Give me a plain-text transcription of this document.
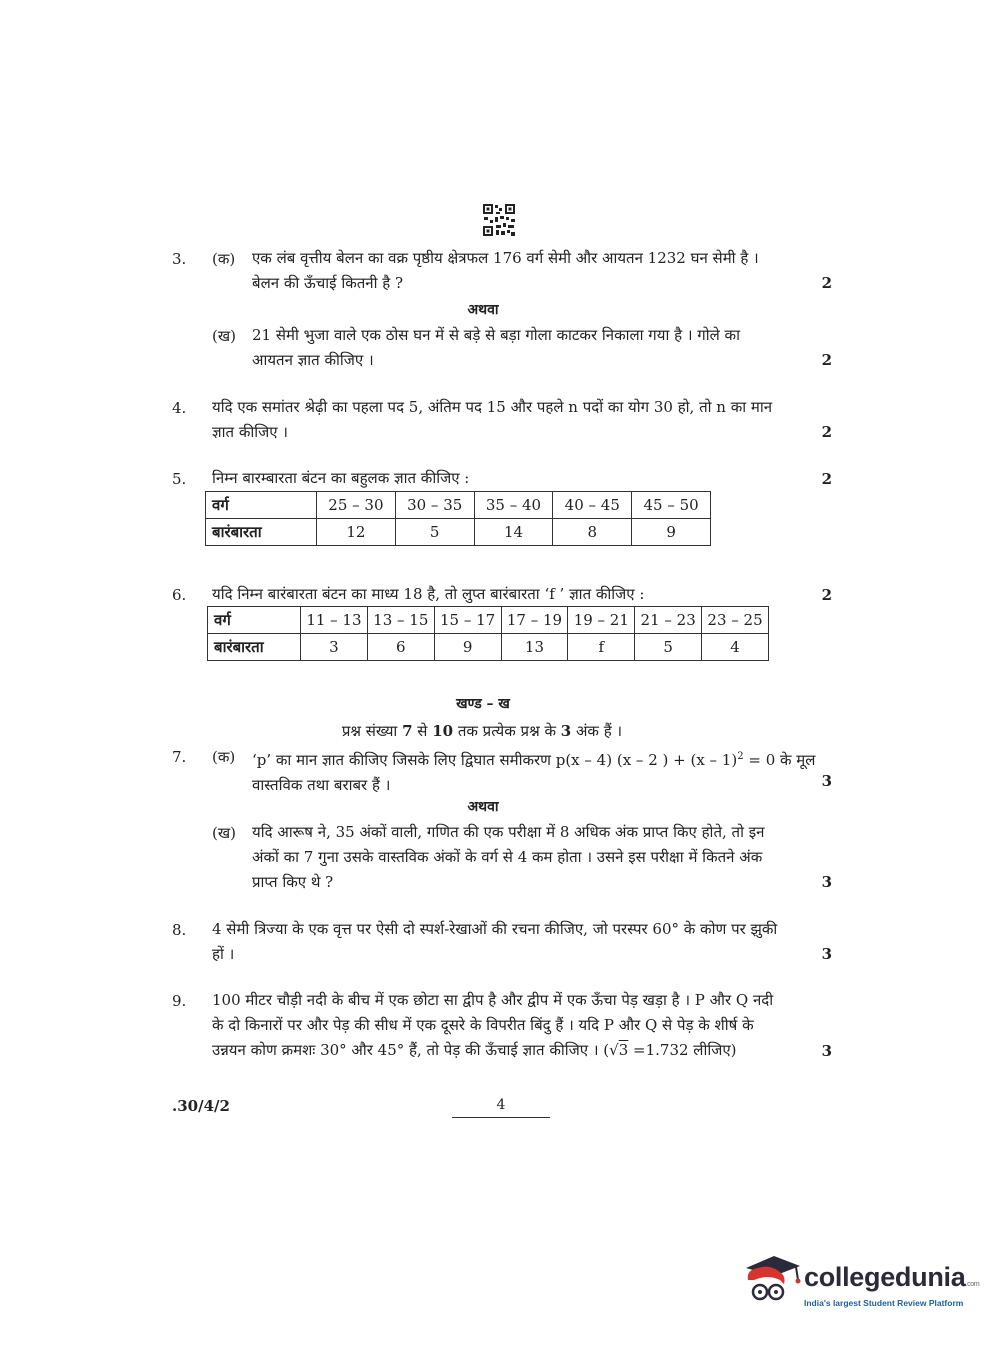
3. (क) एक लंब वृत्तीय बेलन का वक्र पृष्ठीय क्षेत्रफल 176 वर्ग सेमी और आयतन 1232 घन सेमी है ।
बेलन की ऊँचाई कितनी है ?	2
अथवा
(ख) 21 सेमी भुजा वाले एक ठोस घन में से बड़े से बड़ा गोला काटकर निकाला गया है । गोले का
आयतन ज्ञात कीजिए ।	2
4. यदि एक समांतर श्रेढ़ी का पहला पद 5, अंतिम पद 15 और पहले n पदों का योग 30 हो, तो n का मान
ज्ञात कीजिए ।	2
5. निम्न बारम्बारता बंटन का बहुलक ज्ञात कीजिए :	2
वर्ग	25 – 30	30 – 35	35 – 40	40 – 45	45 – 50
बारंबारता	12	5	14	8	9
6. यदि निम्न बारंबारता बंटन का माध्य 18 है, तो लुप्त बारंबारता ‘f ’ ज्ञात कीजिए :	2
वर्ग	11 – 13	13 – 15	15 – 17	17 – 19	19 – 21	21 – 23	23 – 25
बारंबारता	3	6	9	13	f	5	4
खण्ड – ख
प्रश्न संख्या 7 से 10 तक प्रत्येक प्रश्न के 3 अंक हैं ।
7. (क) ‘p’ का मान ज्ञात कीजिए जिसके लिए द्विघात समीकरण p(x – 4) (x – 2 ) + (x – 1)$^2$ = 0 के मूल
वास्तविक तथा बराबर हैं ।	3
अथवा
(ख) यदि आरूष ने, 35 अंकों वाली, गणित की एक परीक्षा में 8 अधिक अंक प्राप्त किए होते, तो इन
अंकों का 7 गुना उसके वास्तविक अंकों के वर्ग से 4 कम होता । उसने इस परीक्षा में कितने अंक
प्राप्त किए थे ?	3
8. 4 सेमी त्रिज्या के एक वृत्त पर ऐसी दो स्पर्श-रेखाओं की रचना कीजिए, जो परस्पर 60° के कोण पर झुकी
हों ।	3
9. 100 मीटर चौड़ी नदी के बीच में एक छोटा सा द्वीप है और द्वीप में एक ऊँचा पेड़ खड़ा है । P और Q नदी
के दो किनारों पर और पेड़ की सीध में एक दूसरे के विपरीत बिंदु हैं । यदि P और Q से पेड़ के शीर्ष के
उन्नयन कोण क्रमशः 30° और 45° हैं, तो पेड़ की ऊँचाई ज्ञात कीजिए । (√3 =1.732 लीजिए)	3
.30/4/2	4
collegedunia.com
India's largest Student Review Platform
